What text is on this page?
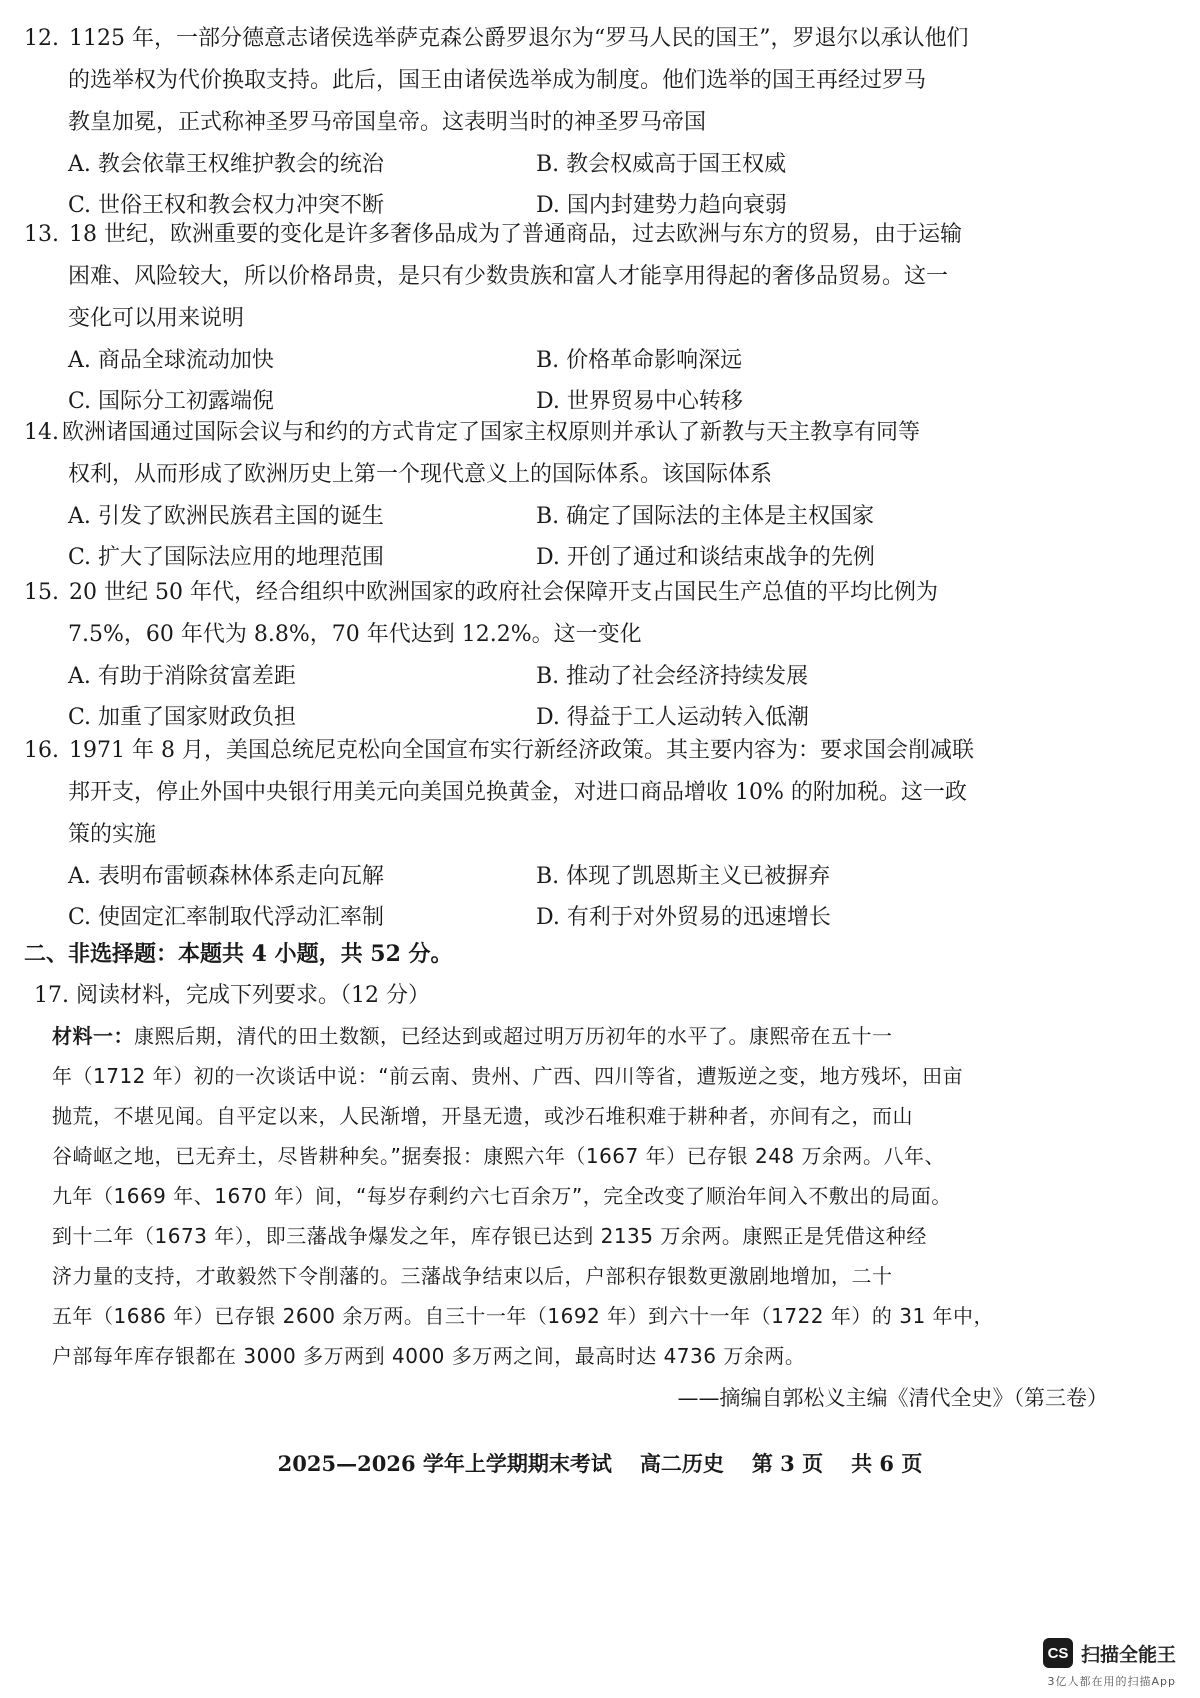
12. 1125 年，一部分德意志诸侯选举萨克森公爵罗退尔为“罗马人民的国王”，罗退尔以承认他们
的选举权为代价换取支持。此后，国王由诸侯选举成为制度。他们选举的国王再经过罗马
教皇加冕，正式称神圣罗马帝国皇帝。这表明当时的神圣罗马帝国
A. 教会依靠王权维护教会的统治	B. 教会权威高于国王权威
C. 世俗王权和教会权力冲突不断	D. 国内封建势力趋向衰弱
13. 18 世纪，欧洲重要的变化是许多奢侈品成为了普通商品，过去欧洲与东方的贸易，由于运输
困难、风险较大，所以价格昂贵，是只有少数贵族和富人才能享用得起的奢侈品贸易。这一
变化可以用来说明
A. 商品全球流动加快	B. 价格革命影响深远
C. 国际分工初露端倪	D. 世界贸易中心转移
14. 欧洲诸国通过国际会议与和约的方式肯定了国家主权原则并承认了新教与天主教享有同等
权利，从而形成了欧洲历史上第一个现代意义上的国际体系。该国际体系
A. 引发了欧洲民族君主国的诞生	B. 确定了国际法的主体是主权国家
C. 扩大了国际法应用的地理范围	D. 开创了通过和谈结束战争的先例
15. 20 世纪 50 年代，经合组织中欧洲国家的政府社会保障开支占国民生产总值的平均比例为
7.5%，60 年代为 8.8%，70 年代达到 12.2%。这一变化
A. 有助于消除贫富差距	B. 推动了社会经济持续发展
C. 加重了国家财政负担	D. 得益于工人运动转入低潮
16. 1971 年 8 月，美国总统尼克松向全国宣布实行新经济政策。其主要内容为：要求国会削减联
邦开支，停止外国中央银行用美元向美国兑换黄金，对进口商品增收 10% 的附加税。这一政
策的实施
A. 表明布雷顿森林体系走向瓦解	B. 体现了凯恩斯主义已被摒弃
C. 使固定汇率制取代浮动汇率制	D. 有利于对外贸易的迅速增长
二、非选择题：本题共 4 小题，共 52 分。
17. 阅读材料，完成下列要求。（12 分）
材料一：康熙后期，清代的田土数额，已经达到或超过明万历初年的水平了。康熙帝在五十一
年（1712 年）初的一次谈话中说：“前云南、贵州、广西、四川等省，遭叛逆之变，地方残坏，田亩
抛荒，不堪见闻。自平定以来，人民渐增，开垦无遗，或沙石堆积难于耕种者，亦间有之，而山
谷崎岖之地，已无弃土，尽皆耕种矣。”据奏报：康熙六年（1667 年）已存银 248 万余两。八年、
九年（1669 年、1670 年）间，“每岁存剩约六七百余万”，完全改变了顺治年间入不敷出的局面。
到十二年（1673 年），即三藩战争爆发之年，库存银已达到 2135 万余两。康熙正是凭借这种经
济力量的支持，才敢毅然下令削藩的。三藩战争结束以后，户部积存银数更激剧地增加，二十
五年（1686 年）已存银 2600 余万两。自三十一年（1692 年）到六十一年（1722 年）的 31 年中，
户部每年库存银都在 3000 多万两到 4000 多万两之间，最高时达 4736 万余两。
——摘编自郭松义主编《清代全史》（第三卷）
2025—2026 学年上学期期末考试 高二历史 第 3 页 共 6 页
CS 扫描全能王
3亿人都在用的扫描App
